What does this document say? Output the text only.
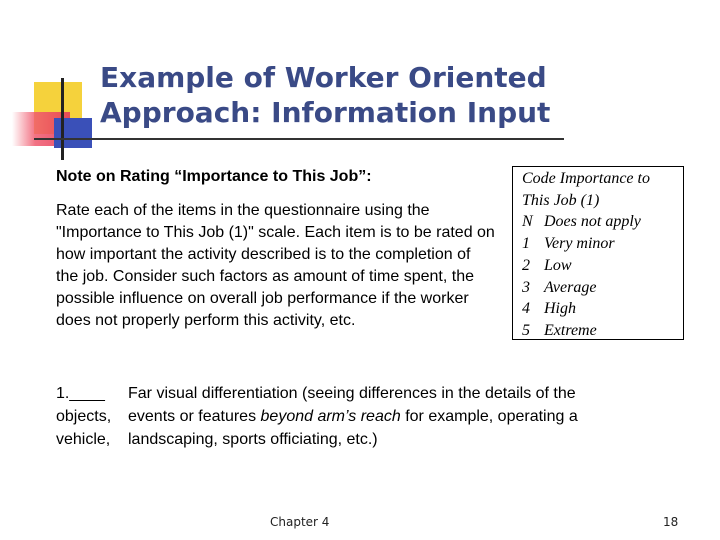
Example of Worker Oriented
Approach: Information Input

Note on Rating “Importance to This Job”:

Rate each of the items in the questionnaire using the "Importance to This Job (1)" scale. Each item is to be rated on how important the activity described is to the completion of the job. Consider such factors as amount of time spent, the possible influence on overall job performance if the worker does not properly perform this activity, etc.

Code Importance to
This Job (1)
N Does not apply
1 Very minor
2 Low
3 Average
4 High
5 Extreme
1.____	Far visual differentiation (seeing differences in the details of the
objects,	events or features beyond arm’s reach for example, operating a
vehicle,	landscaping, sports officiating, etc.)
Chapter 4	18
